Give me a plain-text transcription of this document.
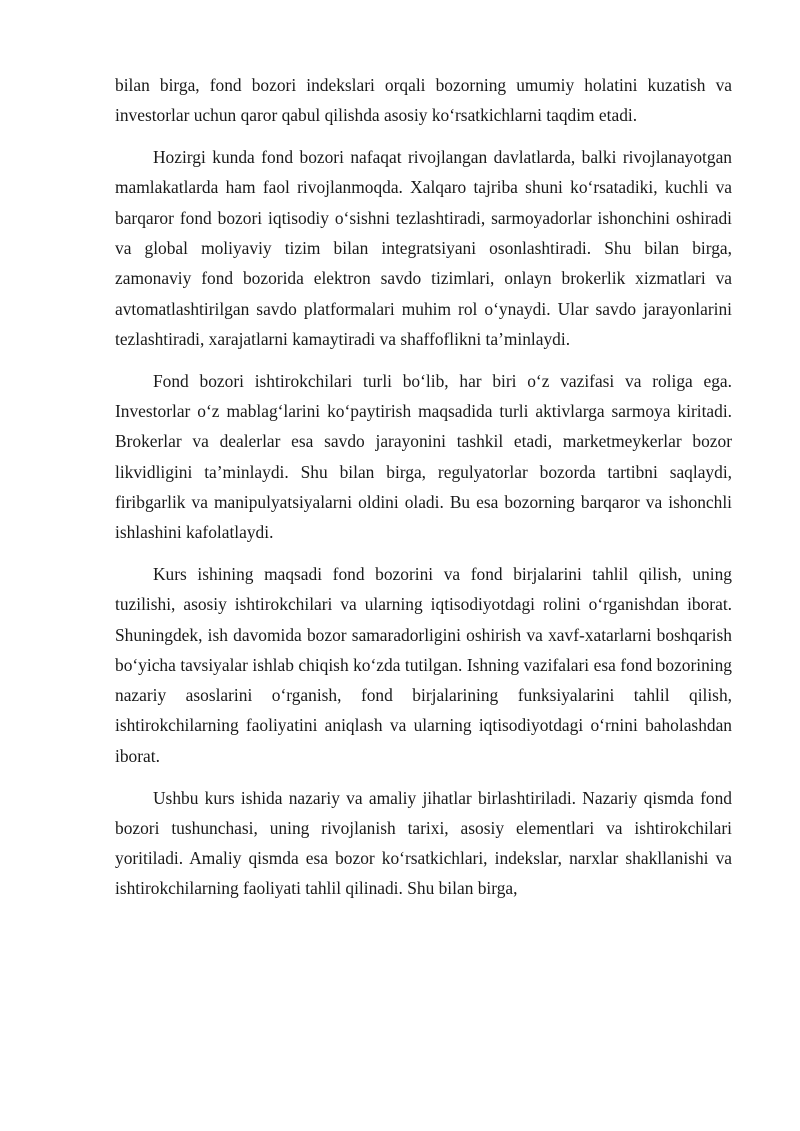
bilan birga, fond bozori indekslari orqali bozorning umumiy holatini kuzatish va investorlar uchun qaror qabul qilishda asosiy ko‘rsatkichlarni taqdim etadi.

Hozirgi kunda fond bozori nafaqat rivojlangan davlatlarda, balki rivojlanayotgan mamlakatlarda ham faol rivojlanmoqda. Xalqaro tajriba shuni ko‘rsatadiki, kuchli va barqaror fond bozori iqtisodiy o‘sishni tezlashtiradi, sarmoyadorlar ishonchini oshiradi va global moliyaviy tizim bilan integratsiyani osonlashtiradi. Shu bilan birga, zamonaviy fond bozorida elektron savdo tizimlari, onlayn brokerlik xizmatlari va avtomatlashtirilgan savdo platformalari muhim rol o‘ynaydi. Ular savdo jarayonlarini tezlashtiradi, xarajatlarni kamaytiradi va shaffoflikni ta’minlaydi.

Fond bozori ishtirokchilari turli bo‘lib, har biri o‘z vazifasi va roliga ega. Investorlar o‘z mablag‘larini ko‘paytirish maqsadida turli aktivlarga sarmoya kiritadi. Brokerlar va dealerlar esa savdo jarayonini tashkil etadi, marketmeykerlar bozor likvidligini ta’minlaydi. Shu bilan birga, regulyatorlar bozorda tartibni saqlaydi, firibgarlik va manipulyatsiyalarni oldini oladi. Bu esa bozorning barqaror va ishonchli ishlashini kafolatlaydi.

Kurs ishining maqsadi fond bozorini va fond birjalarini tahlil qilish, uning tuzilishi, asosiy ishtirokchilari va ularning iqtisodiyotdagi rolini o‘rganishdan iborat. Shuningdek, ish davomida bozor samaradorligini oshirish va xavf-xatarlarni boshqarish bo‘yicha tavsiyalar ishlab chiqish ko‘zda tutilgan. Ishning vazifalari esa fond bozorining nazariy asoslarini o‘rganish, fond birjalarining funksiyalarini tahlil qilish, ishtirokchilarning faoliyatini aniqlash va ularning iqtisodiyotdagi o‘rnini baholashdan iborat.

Ushbu kurs ishida nazariy va amaliy jihatlar birlashtiriladi. Nazariy qismda fond bozori tushunchasi, uning rivojlanish tarixi, asosiy elementlari va ishtirokchilari yoritiladi. Amaliy qismda esa bozor ko‘rsatkichlari, indekslar, narxlar shakllanishi va ishtirokchilarning faoliyati tahlil qilinadi. Shu bilan birga,
